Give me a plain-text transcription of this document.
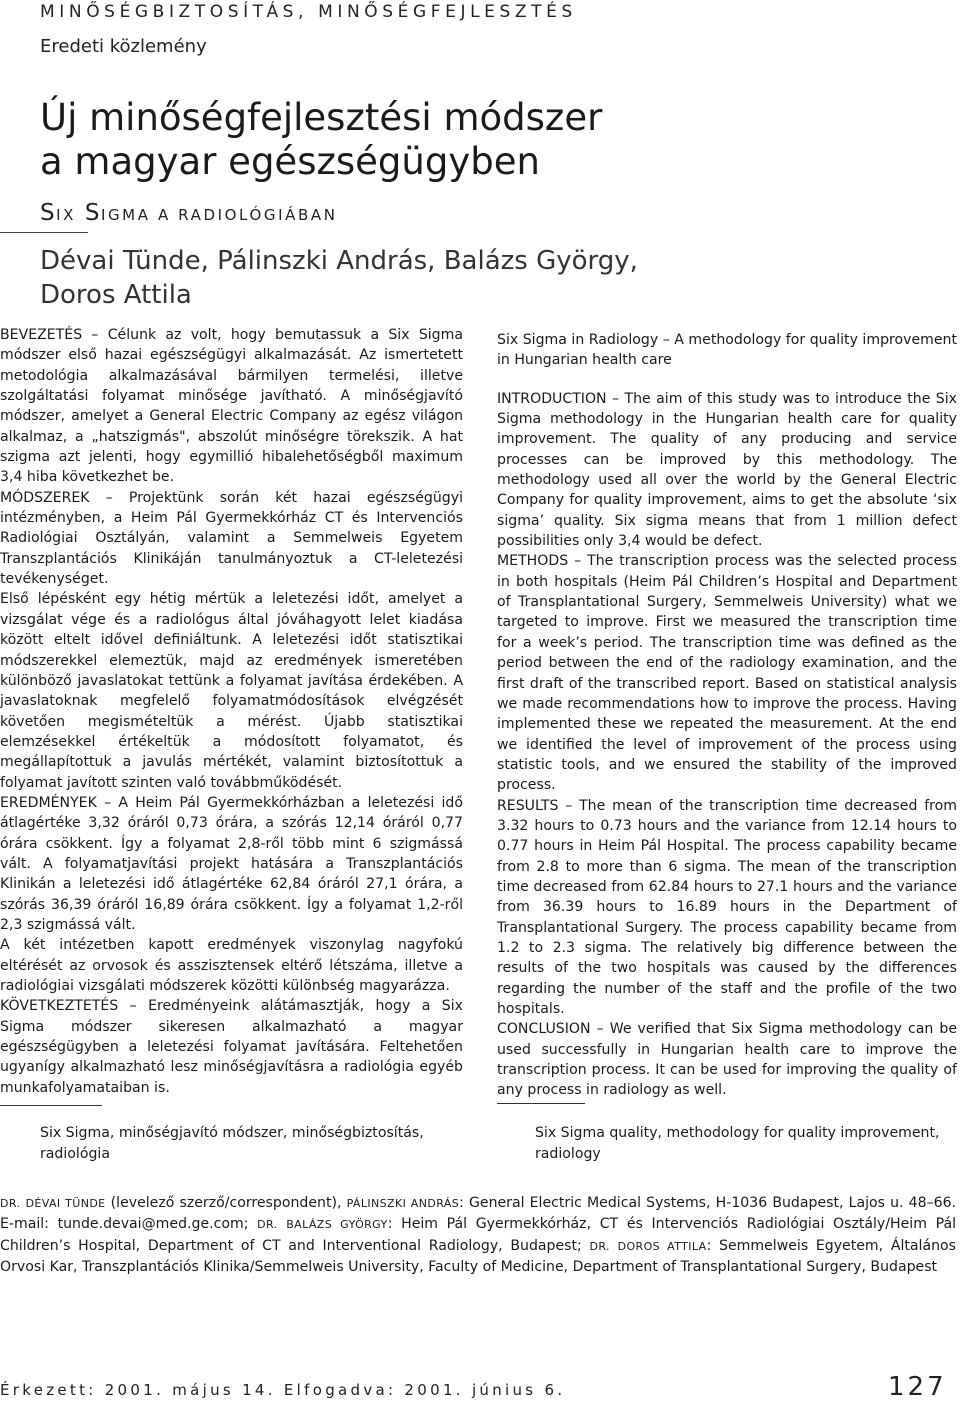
MINŐSÉGBIZTOSÍTÁS, MINŐSÉGFEJLESZTÉS
Eredeti közlemény
Új minőségfejlesztési módszer
a magyar egészségügyben
SIX SIGMA A RADIOLÓGIÁBAN
Dévai Tünde, Pálinszki András, Balázs György,
Doros Attila

BEVEZETÉS – Célunk az volt, hogy bemutassuk a Six Sigma módszer első hazai egészségügyi alkalmazását. Az ismertetett metodológia alkalmazásával bármilyen termelési, illetve szolgáltatási folyamat minősége javítható. A minőségjavító módszer, amelyet a General Electric Company az egész világon alkalmaz, a „hatszigmás", abszolút minőségre törekszik. A hat szigma azt jelenti, hogy egymillió hibalehetőségből maximum 3,4 hiba következhet be.

MÓDSZEREK – Projektünk során két hazai egészségügyi intézményben, a Heim Pál Gyermekkórház CT és Intervenciós Radiológiai Osztályán, valamint a Semmelweis Egyetem Transzplantációs Klinikáján tanulmányoztuk a CT-leletezési tevékenységet.

Első lépésként egy hétig mértük a leletezési időt, amelyet a vizsgálat vége és a radiológus által jóváhagyott lelet kiadása között eltelt idővel definiáltunk. A leletezési időt statisztikai módszerekkel elemeztük, majd az eredmények ismeretében különböző javaslatokat tettünk a folyamat javítása érdekében. A javaslatoknak megfelelő folyamatmódosítások elvégzését követően megismételtük a mérést. Újabb statisztikai elemzésekkel értékeltük a módosított folyamatot, és megállapítottuk a javulás mértékét, valamint biztosítottuk a folyamat javított szinten való továbbműködését.

EREDMÉNYEK – A Heim Pál Gyermekkórházban a leletezési idő átlagértéke 3,32 óráról 0,73 órára, a szórás 12,14 óráról 0,77 órára csökkent. Így a folyamat 2,8-ről több mint 6 szigmássá vált. A folyamatjavítási projekt hatására a Transzplantációs Klinikán a leletezési idő átlagértéke 62,84 óráról 27,1 órára, a szórás 36,39 óráról 16,89 órára csökkent. Így a folyamat 1,2-ről 2,3 szigmássá vált.

A két intézetben kapott eredmények viszonylag nagyfokú eltérését az orvosok és asszisztensek eltérő létszáma, illetve a radiológiai vizsgálati módszerek közötti különbség magyarázza.

KÖVETKEZTETÉS – Eredményeink alátámasztják, hogy a Six Sigma módszer sikeresen alkalmazható a magyar egészségügyben a leletezési folyamat javítására. Feltehetően ugyanígy alkalmazható lesz minőségjavításra a radiológia egyéb munkafolyamataiban is.

Six Sigma in Radiology – A methodology for quality improvement in Hungarian health care

INTRODUCTION – The aim of this study was to introduce the Six Sigma methodology in the Hungarian health care for quality improvement. The quality of any producing and service processes can be improved by this methodology. The methodology used all over the world by the General Electric Company for quality improvement, aims to get the absolute ‘six sigma’ quality. Six sigma means that from 1 million defect possibilities only 3,4 would be defect.

METHODS – The transcription process was the selected process in both hospitals (Heim Pál Children’s Hospital and Department of Transplantational Surgery, Semmelweis University) what we targeted to improve. First we measured the transcription time for a week’s period. The transcription time was defined as the period between the end of the radiology examination, and the first draft of the transcribed report. Based on statistical analysis we made recommendations how to improve the process. Having implemented these we repeated the measurement. At the end we identified the level of improvement of the process using statistic tools, and we ensured the stability of the improved process.

RESULTS – The mean of the transcription time decreased from 3.32 hours to 0.73 hours and the variance from 12.14 hours to 0.77 hours in Heim Pál Hospital. The process capability became from 2.8 to more than 6 sigma. The mean of the transcription time decreased from 62.84 hours to 27.1 hours and the variance from 36.39 hours to 16.89 hours in the Department of Transplantational Surgery. The process capability became from 1.2 to 2.3 sigma. The relatively big difference between the results of the two hospitals was caused by the differences regarding the number of the staff and the profile of the two hospitals.

CONCLUSION – We verified that Six Sigma methodology can be used successfully in Hungarian health care to improve the transcription process. It can be used for improving the quality of any process in radiology as well.

Six Sigma, minőségjavító módszer, minőségbiztosítás, radiológia
Six Sigma quality, methodology for quality improvement, radiology
DR. DÉVAI TÜNDE (levelező szerző/correspondent), PÁLINSZKI ANDRÁS: General Electric Medical Systems, H-1036 Budapest, Lajos u. 48–66. E-mail: tunde.devai@med.ge.com; DR. BALÁZS GYÖRGY: Heim Pál Gyermekkórház, CT és Intervenciós Radiológiai Osztály/Heim Pál Children’s Hospital, Department of CT and Interventional Radiology, Budapest; DR. DOROS ATTILA: Semmelweis Egyetem, Általános Orvosi Kar, Transzplantációs Klinika/Semmelweis University, Faculty of Medicine, Department of Transplantational Surgery, Budapest
Érkezett: 2001. május 14. Elfogadva: 2001. június 6.	127
